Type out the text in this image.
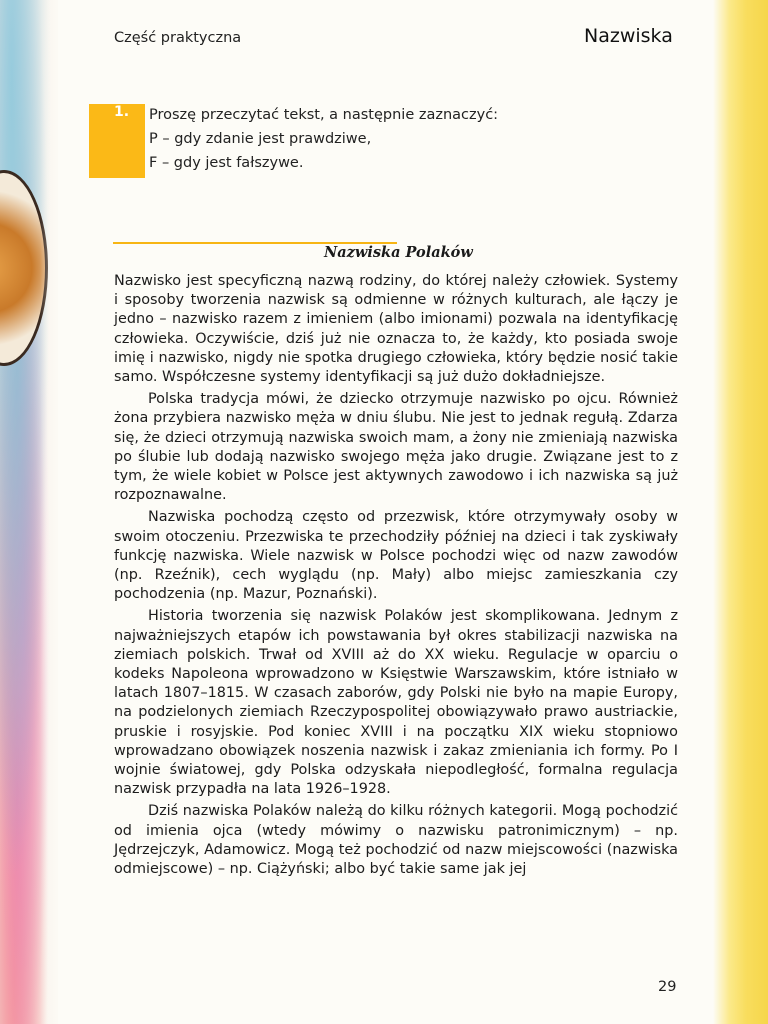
Część praktyczna	Nazwiska
1. Proszę przeczytać tekst, a następnie zaznaczyć:
P – gdy zdanie jest prawdziwe,
F – gdy jest fałszywe.
Nazwiska Polaków

Nazwisko jest specyficzną nazwą rodziny, do której należy człowiek. Systemy i sposoby tworzenia nazwisk są odmienne w różnych kulturach, ale łączy je jedno – nazwisko razem z imieniem (albo imionami) pozwala na identyfikację człowieka. Oczywiście, dziś już nie oznacza to, że każdy, kto posiada swoje imię i nazwisko, nigdy nie spotka drugiego człowieka, który będzie nosić takie samo. Współczesne systemy identyfikacji są już dużo dokładniejsze.

Polska tradycja mówi, że dziecko otrzymuje nazwisko po ojcu. Również żona przybiera nazwisko męża w dniu ślubu. Nie jest to jednak regułą. Zdarza się, że dzieci otrzymują nazwiska swoich mam, a żony nie zmieniają nazwiska po ślubie lub dodają nazwisko swojego męża jako drugie. Związane jest to z tym, że wiele kobiet w Polsce jest aktywnych zawodowo i ich nazwiska są już rozpoznawalne.

Nazwiska pochodzą często od przezwisk, które otrzymywały osoby w swoim otoczeniu. Przezwiska te przechodziły później na dzieci i tak zyskiwały funkcję nazwiska. Wiele nazwisk w Polsce pochodzi więc od nazw zawodów (np. Rzeźnik), cech wyglądu (np. Mały) albo miejsc zamieszkania czy pochodzenia (np. Mazur, Poznański).

Historia tworzenia się nazwisk Polaków jest skomplikowana. Jednym z najważniejszych etapów ich powstawania był okres stabilizacji nazwiska na ziemiach polskich. Trwał od XVIII aż do XX wieku. Regulacje w oparciu o kodeks Napoleona wprowadzono w Księstwie Warszawskim, które istniało w latach 1807–1815. W czasach zaborów, gdy Polski nie było na mapie Europy, na podzielonych ziemiach Rzeczypospolitej obowiązywało prawo austriackie, pruskie i rosyjskie. Pod koniec XVIII i na początku XIX wieku stopniowo wprowadzano obowiązek noszenia nazwisk i zakaz zmieniania ich formy. Po I wojnie światowej, gdy Polska odzyskała niepodległość, formalna regulacja nazwisk przypadła na lata 1926–1928.

Dziś nazwiska Polaków należą do kilku różnych kategorii. Mogą pochodzić od imienia ojca (wtedy mówimy o nazwisku patronimicznym) – np. Jędrzejczyk, Adamowicz. Mogą też pochodzić od nazw miejscowości (nazwiska odmiejscowe) – np. Ciążyński; albo być takie same jak jej

29
